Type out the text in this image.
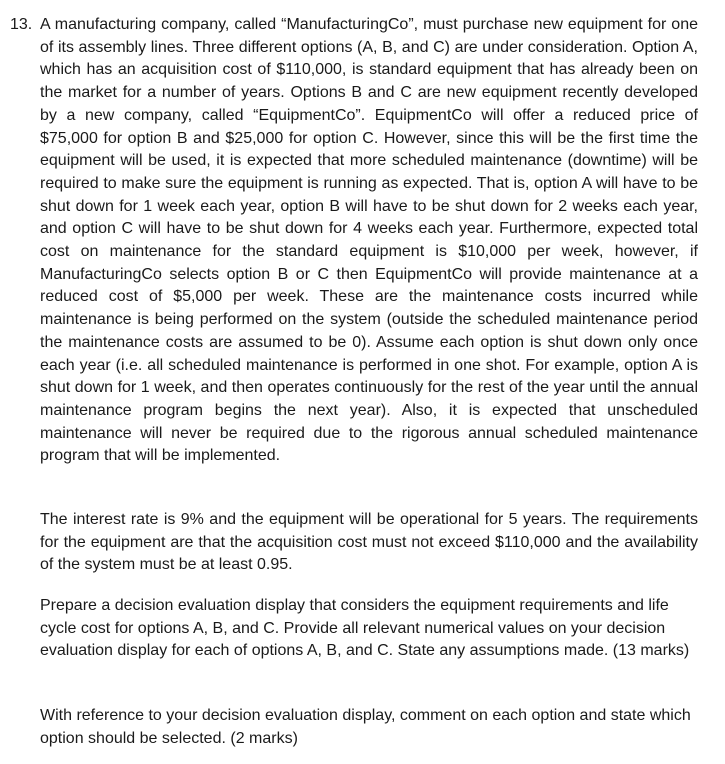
13. A manufacturing company, called “ManufacturingCo”, must purchase new equipment for one of its assembly lines. Three different options (A, B, and C) are under consideration. Option A, which has an acquisition cost of $110,000, is standard equipment that has already been on the market for a number of years. Options B and C are new equipment recently developed by a new company, called “EquipmentCo”. EquipmentCo will offer a reduced price of $75,000 for option B and $25,000 for option C. However, since this will be the first time the equipment will be used, it is expected that more scheduled maintenance (downtime) will be required to make sure the equipment is running as expected. That is, option A will have to be shut down for 1 week each year, option B will have to be shut down for 2 weeks each year, and option C will have to be shut down for 4 weeks each year. Furthermore, expected total cost on maintenance for the standard equipment is $10,000 per week, however, if ManufacturingCo selects option B or C then EquipmentCo will provide maintenance at a reduced cost of $5,000 per week. These are the maintenance costs incurred while maintenance is being performed on the system (outside the scheduled maintenance period the maintenance costs are assumed to be 0). Assume each option is shut down only once each year (i.e. all scheduled maintenance is performed in one shot. For example, option A is shut down for 1 week, and then operates continuously for the rest of the year until the annual maintenance program begins the next year). Also, it is expected that unscheduled maintenance will never be required due to the rigorous annual scheduled maintenance program that will be implemented.

The interest rate is 9% and the equipment will be operational for 5 years. The requirements for the equipment are that the acquisition cost must not exceed $110,000 and the availability of the system must be at least 0.95.

Prepare a decision evaluation display that considers the equipment requirements and life cycle cost for options A, B, and C. Provide all relevant numerical values on your decision evaluation display for each of options A, B, and C. State any assumptions made. (13 marks)

With reference to your decision evaluation display, comment on each option and state which option should be selected. (2 marks)
